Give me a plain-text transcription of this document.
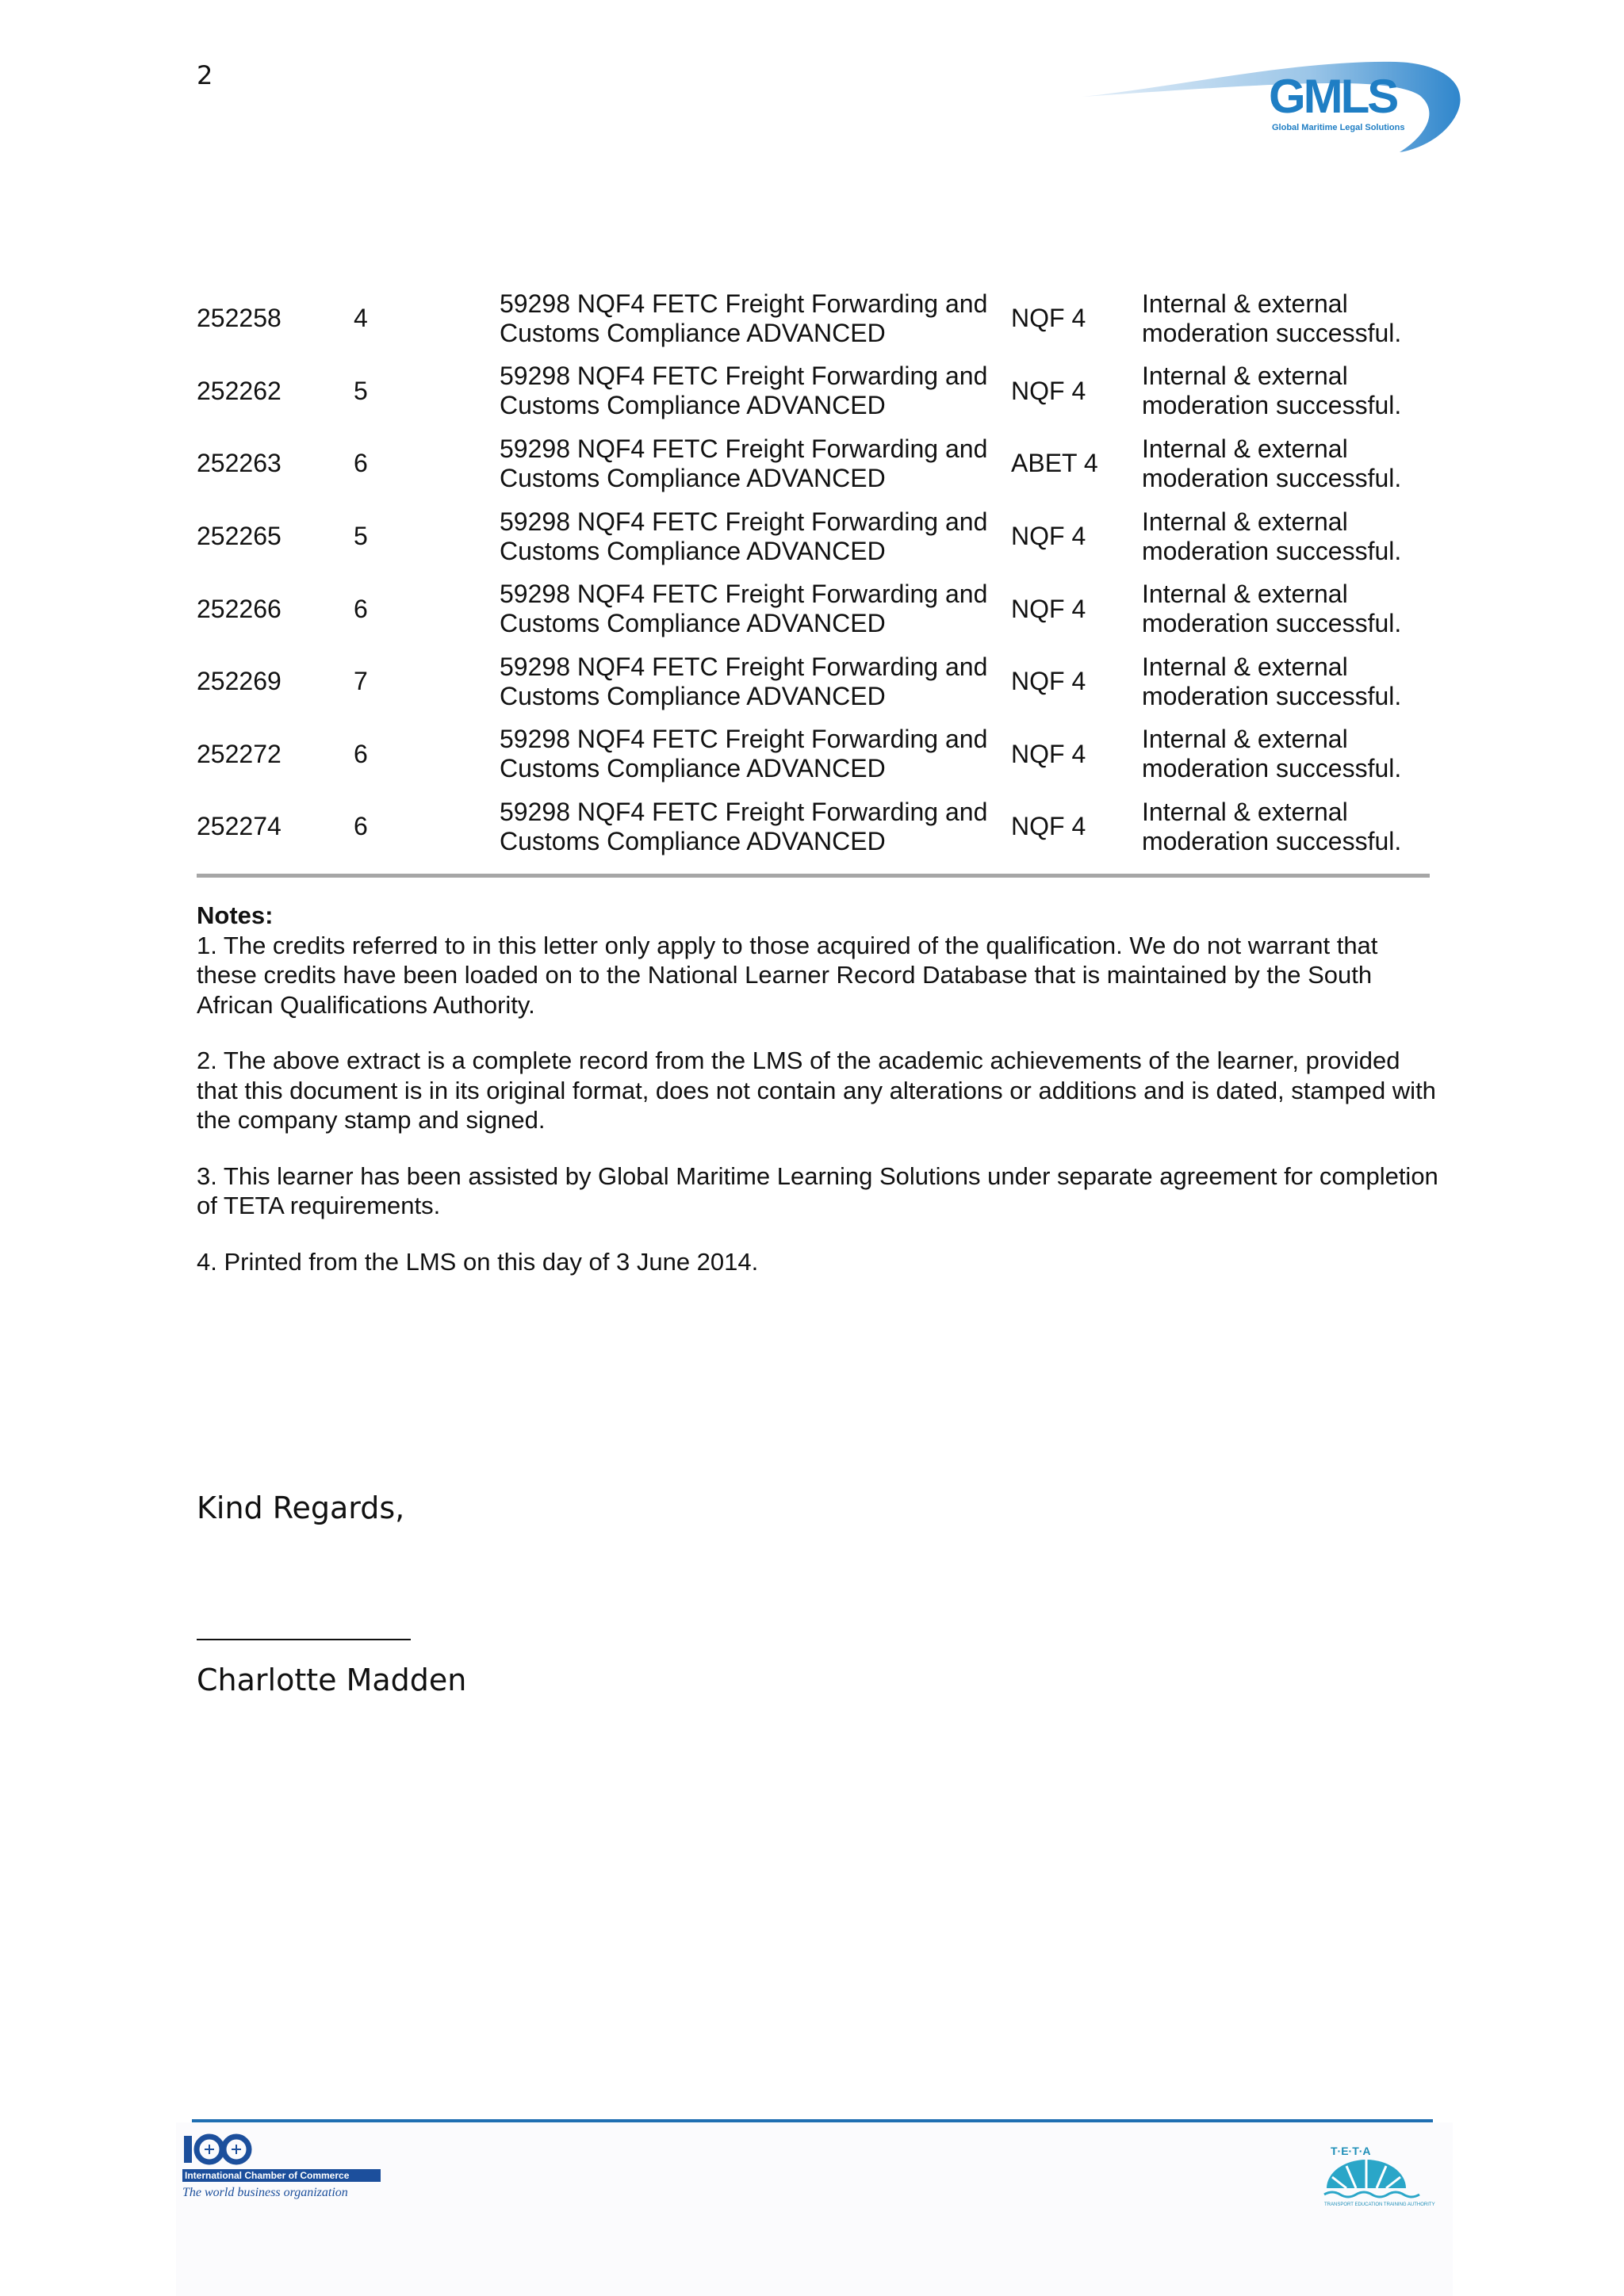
2	GMLS
Global Maritime Legal Solutions
252258	4	59298 NQF4 FETC Freight Forwarding and Customs Compliance ADVANCED	NQF 4	Internal & external moderation successful.
252262	5	59298 NQF4 FETC Freight Forwarding and Customs Compliance ADVANCED	NQF 4	Internal & external moderation successful.
252263	6	59298 NQF4 FETC Freight Forwarding and Customs Compliance ADVANCED	ABET 4	Internal & external moderation successful.
252265	5	59298 NQF4 FETC Freight Forwarding and Customs Compliance ADVANCED	NQF 4	Internal & external moderation successful.
252266	6	59298 NQF4 FETC Freight Forwarding and Customs Compliance ADVANCED	NQF 4	Internal & external moderation successful.
252269	7	59298 NQF4 FETC Freight Forwarding and Customs Compliance ADVANCED	NQF 4	Internal & external moderation successful.
252272	6	59298 NQF4 FETC Freight Forwarding and Customs Compliance ADVANCED	NQF 4	Internal & external moderation successful.
252274	6	59298 NQF4 FETC Freight Forwarding and Customs Compliance ADVANCED	NQF 4	Internal & external moderation successful.
Notes:

1. The credits referred to in this letter only apply to those acquired of the qualification. We do not warrant that these credits have been loaded on to the National Learner Record Database that is maintained by the South African Qualifications Authority.

2. The above extract is a complete record from the LMS of the academic achievements of the learner, provided that this document is in its original format, does not contain any alterations or additions and is dated, stamped with the company stamp and signed.

3. This learner has been assisted by Global Maritime Learning Solutions under separate agreement for completion of TETA requirements.

4. Printed from the LMS on this day of 3 June 2014.

Kind Regards,
Charlotte Madden
International Chamber of Commerce
The world business organization
T·E·T·A
TRANSPORT EDUCATION TRAINING AUTHORITY
